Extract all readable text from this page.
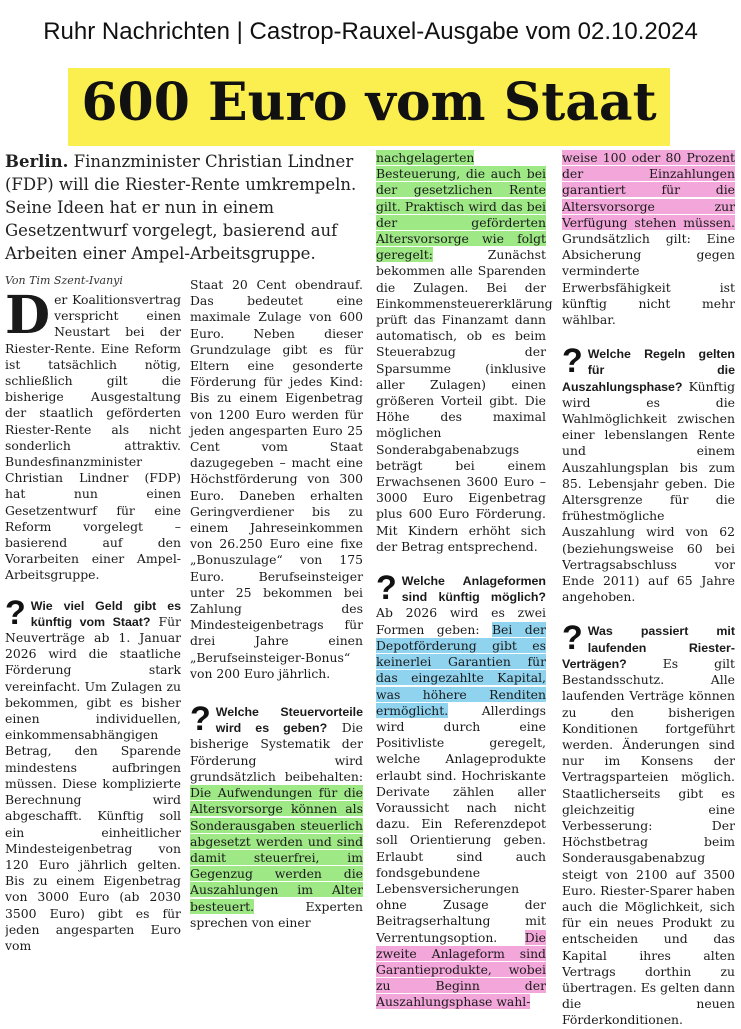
Ruhr Nachrichten | Castrop-Rauxel-Ausgabe vom 02.10.2024
600 Euro vom Staat
Berlin. Finanzminister Christian Lindner (FDP) will die Riester-Rente umkrempeln. Seine Ideen hat er nun in einem Gesetzentwurf vorgelegt, basierend auf Arbeiten einer Ampel-Arbeitsgruppe.
Von Tim Szent-Ivanyi

Der Koalitionsvertrag verspricht einen Neustart bei der Riester-Rente. Eine Reform ist tatsächlich nötig, schließlich gilt die bisherige Ausgestaltung der staatlich geförderten Riester-Rente als nicht sonderlich attraktiv. Bundesfinanzminister Christian Lindner (FDP) hat nun einen Gesetzentwurf für eine Reform vorgelegt – basierend auf den Vorarbeiten einer Ampel-Arbeitsgruppe.

? Wie viel Geld gibt es künftig vom Staat? Für Neuverträge ab 1. Januar 2026 wird die staatliche Förderung stark vereinfacht. Um Zulagen zu bekommen, gibt es bisher einen individuellen, einkommensabhängigen Betrag, den Sparende mindestens aufbringen müssen. Diese komplizierte Berechnung wird abgeschafft. Künftig soll ein einheitlicher Mindesteigenbetrag von 120 Euro jährlich gelten. Bis zu einem Eigenbetrag von 3000 Euro (ab 2030 3500 Euro) gibt es für jeden angesparten Euro vom

Staat 20 Cent obendrauf. Das bedeutet eine maximale Zulage von 600 Euro. Neben dieser Grundzulage gibt es für Eltern eine gesonderte Förderung für jedes Kind: Bis zu einem Eigenbetrag von 1200 Euro werden für jeden angesparten Euro 25 Cent vom Staat dazugegeben – macht eine Höchstförderung von 300 Euro. Daneben erhalten Geringverdiener bis zu einem Jahreseinkommen von 26.250 Euro eine fixe „Bonuszulage“ von 175 Euro. Berufseinsteiger unter 25 bekommen bei Zahlung des Mindesteigenbetrags für drei Jahre einen „Berufseinsteiger-Bonus“ von 200 Euro jährlich.

? Welche Steuervorteile wird es geben? Die bisherige Systematik der Förderung wird grundsätzlich beibehalten: Die Aufwendungen für die Altersvorsorge können als Sonderausgaben steuerlich abgesetzt werden und sind damit steuerfrei, im Gegenzug werden die Auszahlungen im Alter besteuert.	Experten sprechen von einer

nachgelagerten Besteuerung, die auch bei der gesetzlichen Rente gilt. Praktisch wird das bei der geförderten Altersvorsorge wie folgt geregelt:	Zunächst bekommen alle Sparenden die Zulagen. Bei der Einkommensteuererklärung prüft das Finanzamt dann automatisch, ob es beim Steuerabzug der Sparsumme (inklusive aller Zulagen) einen größeren Vorteil gibt. Die Höhe des maximal möglichen Sonderabgabenabzugs beträgt bei einem Erwachsenen 3600 Euro – 3000 Euro Eigenbetrag plus 600 Euro Förderung. Mit Kindern erhöht sich der Betrag entsprechend.

? Welche Anlageformen sind künftig möglich? Ab 2026 wird es zwei Formen geben: Bei der Depotförderung gibt es keinerlei Garantien für das eingezahlte Kapital, was höhere Renditen ermöglicht.	Allerdings wird durch eine Positivliste geregelt, welche Anlageprodukte erlaubt sind. Hochriskante Derivate zählen aller Voraussicht nach nicht dazu. Ein Referenzdepot soll Orientierung geben. Erlaubt sind auch fondsgebundene Lebensversicherungen ohne Zusage der Beitragserhaltung mit Verrentungsoption. Die zweite Anlageform sind Garantieprodukte, wobei zu Beginn der Auszahlungsphase wahl-

weise 100 oder 80 Prozent der Einzahlungen garantiert für die Altersvorsorge zur Verfügung stehen müssen. Grundsätzlich gilt: Eine Absicherung gegen verminderte Erwerbsfähigkeit ist künftig nicht mehr wählbar.

? Welche Regeln gelten für die Auszahlungsphase? Künftig wird es die Wahlmöglichkeit zwischen einer lebenslangen Rente und einem Auszahlungsplan bis zum 85. Lebensjahr geben. Die Altersgrenze für die frühestmögliche Auszahlung wird von 62 (beziehungsweise 60 bei Vertragsabschluss vor Ende 2011) auf 65 Jahre angehoben.
? Was passiert mit laufenden Riester-Verträgen?	Es gilt Bestandsschutz. Alle laufenden Verträge können zu den bisherigen Konditionen fortgeführt werden. Änderungen sind nur im Konsens der Vertragsparteien möglich. Staatlicherseits gibt es gleichzeitig eine Verbesserung: Der Höchstbetrag beim Sonderausgabenabzug steigt von 2100 auf 3500 Euro. Riester-Sparer haben auch die Möglichkeit, sich für ein neues Produkt zu entscheiden und das Kapital ihres alten Vertrags dorthin zu übertragen. Es gelten dann die neuen Förderkonditionen.
